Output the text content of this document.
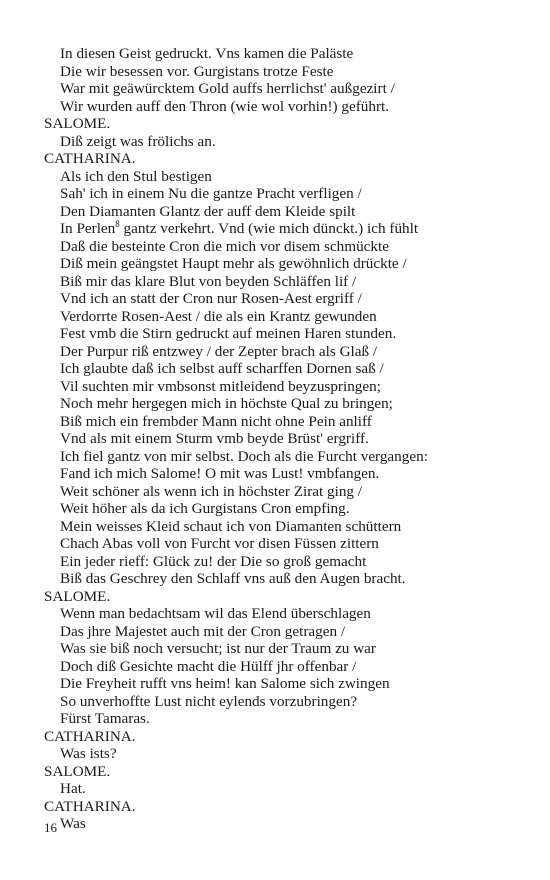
In diesen Geist gedruckt. Vns kamen die Paläste
Die wir besessen vor. Gurgistans trotze Feste
War mit geäwürcktem Gold auffs herrlichst' außgezirt /
Wir wurden auff den Thron (wie wol vorhin!) geführt.
SALOME.
Diß zeigt was frölichs an.
CATHARINA.
Als ich den Stul bestigen
Sah' ich in einem Nu die gantze Pracht verfligen /
Den Diamanten Glantz der auff dem Kleide spilt
In Perlen$^8$ gantz verkehrt. Vnd (wie mich dünckt.) ich fühlt
Daß die besteinte Cron die mich vor disem schmückte
Diß mein geängstet Haupt mehr als gewöhnlich drückte /
Biß mir das klare Blut von beyden Schläffen lif /
Vnd ich an statt der Cron nur Rosen-Aest ergriff /
Verdorrte Rosen-Aest / die als ein Krantz gewunden
Fest vmb die Stirn gedruckt auf meinen Haren stunden.
Der Purpur riß entzwey / der Zepter brach als Glaß /
Ich glaubte daß ich selbst auff scharffen Dornen saß /
Vil suchten mir vmbsonst mitleidend beyzuspringen;
Noch mehr hergegen mich in höchste Qual zu bringen;
Biß mich ein frembder Mann nicht ohne Pein anliff
Vnd als mit einem Sturm vmb beyde Brüst' ergriff.
Ich fiel gantz von mir selbst. Doch als die Furcht vergangen:
Fand ich mich Salome! O mit was Lust! vmbfangen.
Weit schöner als wenn ich in höchster Zirat ging /
Weit höher als da ich Gurgistans Cron empfing.
Mein weisses Kleid schaut ich von Diamanten schüttern
Chach Abas voll von Furcht vor disen Füssen zittern
Ein jeder rieff: Glück zu! der Die so groß gemacht
Biß das Geschrey den Schlaff vns auß den Augen bracht.
SALOME.
Wenn man bedachtsam wil das Elend überschlagen
Das jhre Majestet auch mit der Cron getragen /
Was sie biß noch versucht; ist nur der Traum zu war
Doch diß Gesichte macht die Hülff jhr offenbar /
Die Freyheit rufft vns heim! kan Salome sich zwingen
So unverhoffte Lust nicht eylends vorzubringen?
Fürst Tamaras.
CATHARINA.
Was ists?
SALOME.
Hat.
CATHARINA.
Was
16
